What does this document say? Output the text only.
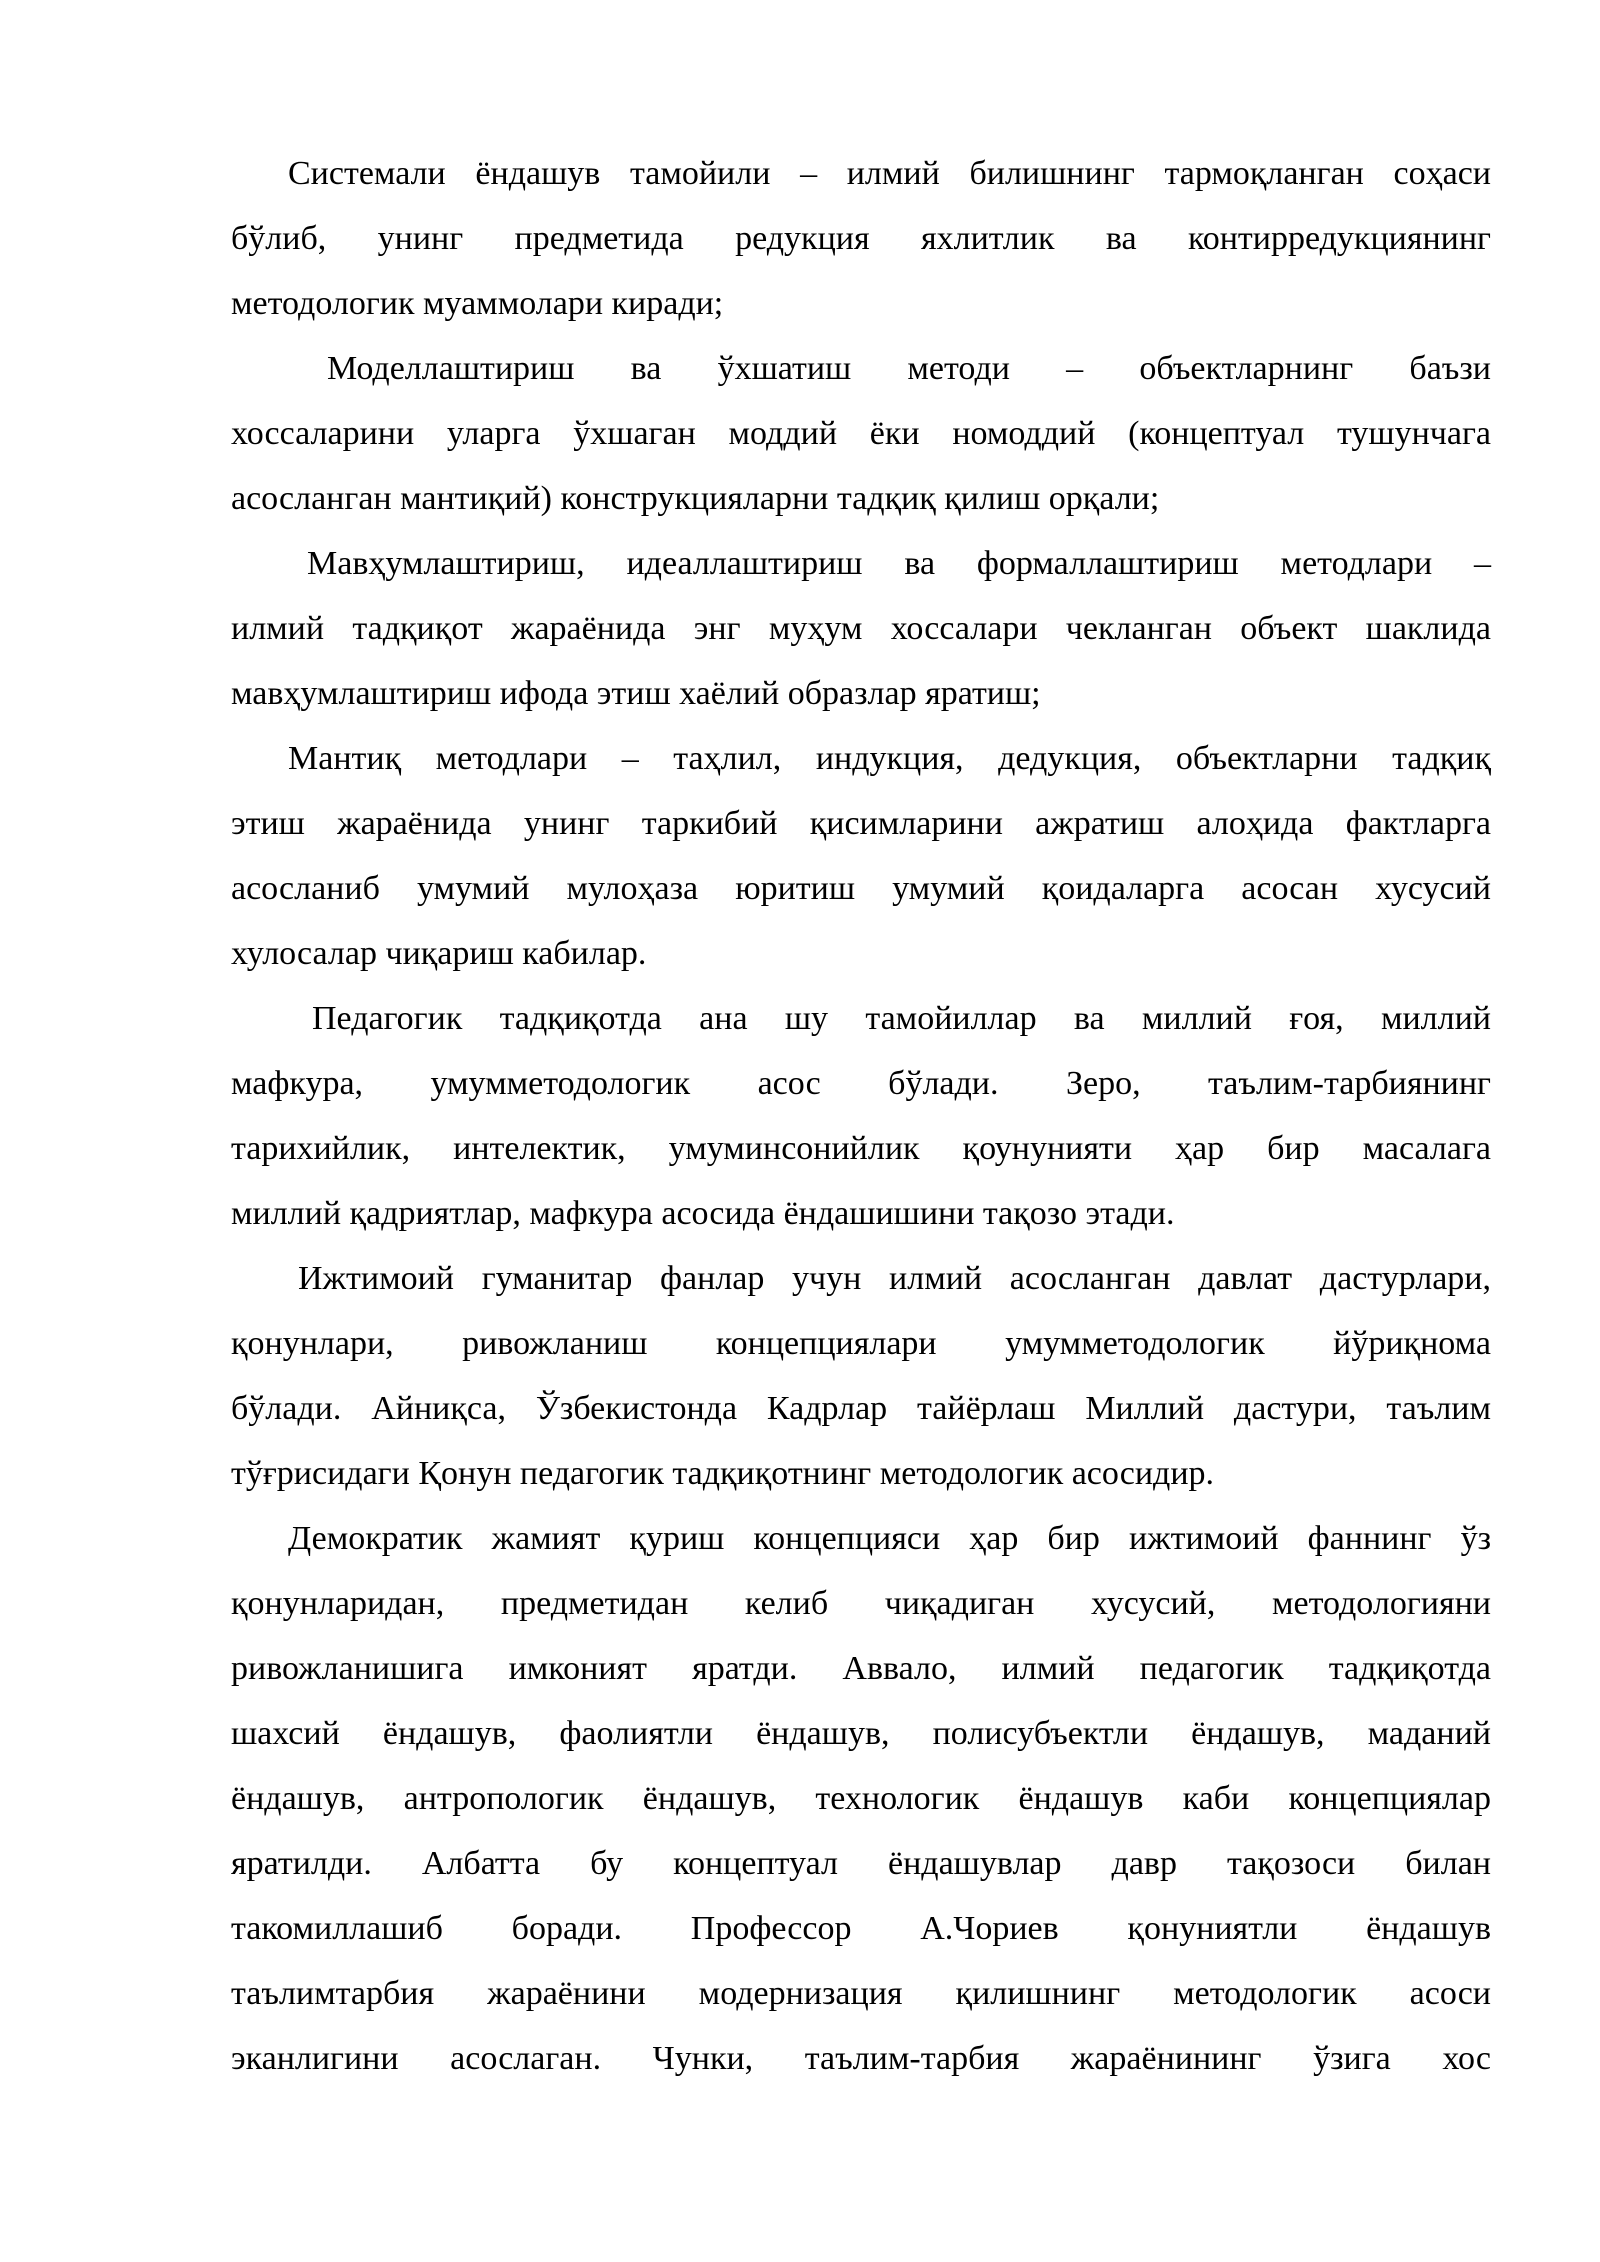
Системали ёндашув тамойили – илмий билишнинг тармоқланган соҳаси
бўлиб, унинг предметида редукция яхлитлик ва контирредукциянинг
методологик муаммолари киради;
Моделлаштириш ва ўхшатиш методи – объектларнинг баъзи
хоссаларини уларга ўхшаган моддий ёки номоддий (концептуал тушунчага
асосланган мантиқий) конструкцияларни тадқиқ қилиш орқали;
Мавҳумлаштириш, идеаллаштириш ва формаллаштириш методлари –
илмий тадқиқот жараёнида энг муҳум хоссалари чекланган объект шаклида
мавҳумлаштириш ифода этиш хаёлий образлар яратиш;
Мантиқ методлари – таҳлил, индукция, дедукция, объектларни тадқиқ
этиш жараёнида унинг таркибий қисимларини ажратиш алоҳида фактларга
асосланиб умумий мулоҳаза юритиш умумий қоидаларга асосан хусусий
хулосалар чиқариш кабилар.
Педагогик тадқиқотда ана шу тамойиллар ва миллий ғоя, миллий
мафкура, умумметодологик асос бўлади. Зеро, таълим-тарбиянинг
тарихийлик, интелектик, умуминсонийлик қоунунияти ҳар бир масалага
миллий қадриятлар, мафкура асосида ёндашишини тақозо этади.
Ижтимоий гуманитар фанлар учун илмий асосланган давлат дастурлари,
қонунлари, ривожланиш концепциялари умумметодологик йўриқнома
бўлади. Айниқса, Ўзбекистонда Кадрлар тайёрлаш Миллий дастури, таълим
тўғрисидаги Қонун педагогик тадқиқотнинг методологик асосидир.
Демократик жамият қуриш концепцияси ҳар бир ижтимоий фаннинг ўз
қонунларидан, предметидан келиб чиқадиган хусусий, методологияни
ривожланишига имконият яратди. Аввало, илмий педагогик тадқиқотда
шахсий ёндашув, фаолиятли ёндашув, полисубъектли ёндашув, маданий
ёндашув, антропологик ёндашув, технологик ёндашув каби концепциялар
яратилди. Албатта бу концептуал ёндашувлар давр тақозоси билан
такомиллашиб боради. Профессор А.Чориев қонуниятли ёндашув
таълимтарбия жараёнини модернизация қилишнинг методологик асоси
эканлигини асослаган. Чунки, таълим-тарбия жараёнининг ўзига хос
